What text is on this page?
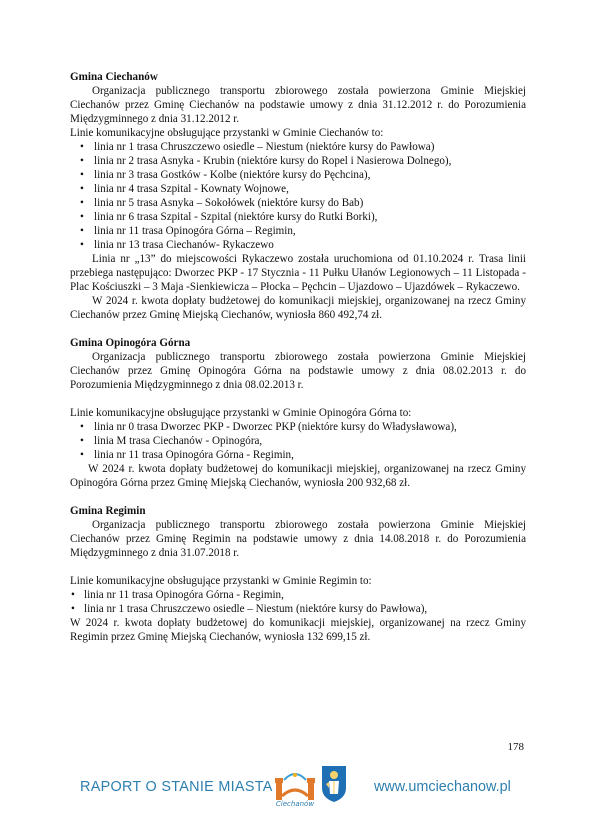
Gmina Ciechanów

Organizacja publicznego transportu zbiorowego została powierzona Gminie Miejskiej Ciechanów przez Gminę Ciechanów na podstawie umowy z dnia 31.12.2012 r. do Porozumienia Międzygminnego z dnia 31.12.2012 r.

Linie komunikacyjne obsługujące przystanki w Gminie Ciechanów to:

• linia nr 1 trasa Chruszczewo osiedle – Niestum (niektóre kursy do Pawłowa)
• linia nr 2 trasa Asnyka - Krubin (niektóre kursy do Ropel i Nasierowa Dolnego),
• linia nr 3 trasa Gostków - Kolbe (niektóre kursy do Pęchcina),
• linia nr 4 trasa Szpital - Kownaty Wojnowe,
• linia nr 5 trasa Asnyka – Sokołówek (niektóre kursy do Bab)
• linia nr 6 trasa Szpital - Szpital (niektóre kursy do Rutki Borki),
• linia nr 11 trasa Opinogóra Górna – Regimin,
• linia nr 13 trasa Ciechanów- Rykaczewo

Linia nr „13” do miejscowości Rykaczewo została uruchomiona od 01.10.2024 r. Trasa linii przebiega następująco: Dworzec PKP - 17 Stycznia - 11 Pułku Ułanów Legionowych – 11 Listopada - Plac Kościuszki – 3 Maja -Sienkiewicza – Płocka – Pęchcin – Ujazdowo – Ujazdówek – Rykaczewo.

W 2024 r. kwota dopłaty budżetowej do komunikacji miejskiej, organizowanej na rzecz Gminy Ciechanów przez Gminę Miejską Ciechanów, wyniosła 860 492,74 zł.

Gmina Opinogóra Górna

Organizacja publicznego transportu zbiorowego została powierzona Gminie Miejskiej Ciechanów przez Gminę Opinogóra Górna na podstawie umowy z dnia 08.02.2013 r. do Porozumienia Międzygminnego z dnia 08.02.2013 r.

Linie komunikacyjne obsługujące przystanki w Gminie Opinogóra Górna to:

• linia nr 0 trasa Dworzec PKP - Dworzec PKP (niektóre kursy do Władysławowa),
• linia M trasa Ciechanów - Opinogóra,
• linia nr 11 trasa Opinogóra Górna - Regimin,

W 2024 r. kwota dopłaty budżetowej do komunikacji miejskiej, organizowanej na rzecz Gminy Opinogóra Górna przez Gminę Miejską Ciechanów, wyniosła 200 932,68 zł.

Gmina Regimin

Organizacja publicznego transportu zbiorowego została powierzona Gminie Miejskiej Ciechanów przez Gminę Regimin na podstawie umowy z dnia 14.08.2018 r. do Porozumienia Międzygminnego z dnia 31.07.2018 r.

Linie komunikacyjne obsługujące przystanki w Gminie Regimin to:

• linia nr 11 trasa Opinogóra Górna - Regimin,
• linia nr 1 trasa Chruszczewo osiedle – Niestum (niektóre kursy do Pawłowa),

W 2024 r. kwota dopłaty budżetowej do komunikacji miejskiej, organizowanej na rzecz Gminy Regimin przez Gminę Miejską Ciechanów, wyniosła 132 699,15 zł.

178
RAPORT O STANIE MIASTA
Ciechanów
www.umciechanow.pl
